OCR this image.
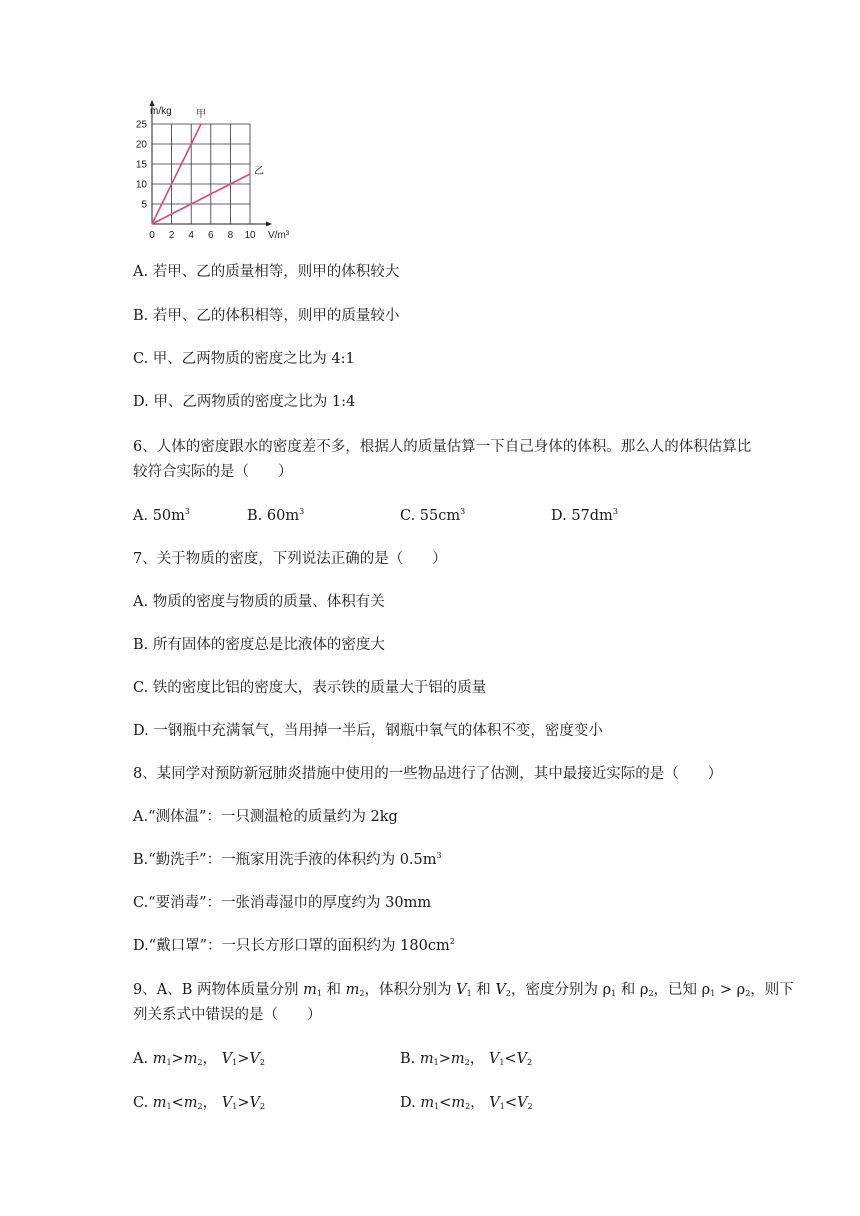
甲
乙
0 2 4 6 8 10
5
10
15
20
25
m/kg
V/m³
A. 若甲、乙的质量相等，则甲的体积较大
B. 若甲、乙的体积相等，则甲的质量较小
C. 甲、乙两物质的密度之比为 4:1
D. 甲、乙两物质的密度之比为 1:4
6、人体的密度跟水的密度差不多，根据人的质量估算一下自己身体的体积。那么人的体积估算比
较符合实际的是（　　）
A. $50m^3$	B. $60m^3$	C. $55cm^3$	D. $57dm^3$
7、关于物质的密度，下列说法正确的是（　　）
A. 物质的密度与物质的质量、体积有关
B. 所有固体的密度总是比液体的密度大
C. 铁的密度比铝的密度大，表示铁的质量大于铝的质量
D. 一钢瓶中充满氧气，当用掉一半后，钢瓶中氧气的体积不变，密度变小
8、某同学对预防新冠肺炎措施中使用的一些物品进行了估测，其中最接近实际的是（　　）
A.“测体温”：一只测温枪的质量约为 2kg
B.“勤洗手”：一瓶家用洗手液的体积约为 $0.5m^3$
C.“要消毒”：一张消毒湿巾的厚度约为 30mm
D.“戴口罩”：一只长方形口罩的面积约为 $180cm^2$
9、A、B 两物体质量分别 $m_1$ 和 $m_2$，体积分别为 $V_1$ 和 $V_2$，密度分别为 $\rho_1$ 和 $\rho_2$，已知 $\rho_1 > \rho_2$，则下
列关系式中错误的是（　　）
A. $m_1>m_2$， $V_1>V_2$	B. $m_1>m_2$， $V_1<V_2$
C. $m_1<m_2$， $V_1>V_2$	D. $m_1<m_2$， $V_1<V_2$
